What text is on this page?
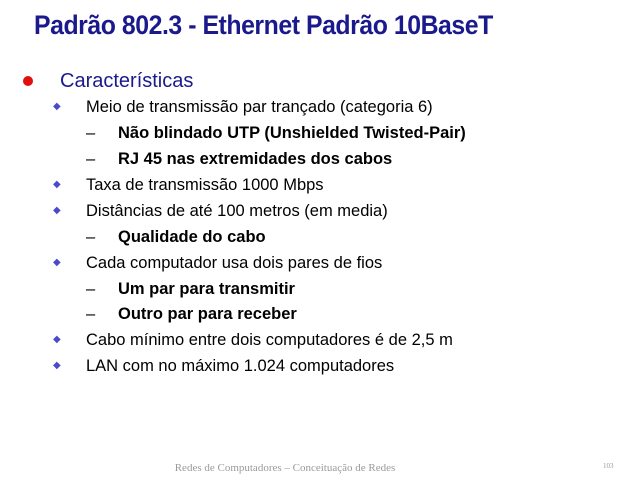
Padrão 802.3 - Ethernet Padrão 10BaseT
Características
◆ Meio de transmissão par trançado (categoria 6)
– Não blindado UTP (Unshielded Twisted-Pair)
– RJ 45 nas extremidades dos cabos
◆ Taxa de transmissão 1000 Mbps
◆ Distâncias de até 100 metros (em media)
– Qualidade do cabo
◆ Cada computador usa dois pares de fios
– Um par para transmitir
– Outro par para receber
◆ Cabo mínimo entre dois computadores é de 2,5 m
◆ LAN com no máximo 1.024 computadores
Redes de Computadores – Conceituação de Redes	103
